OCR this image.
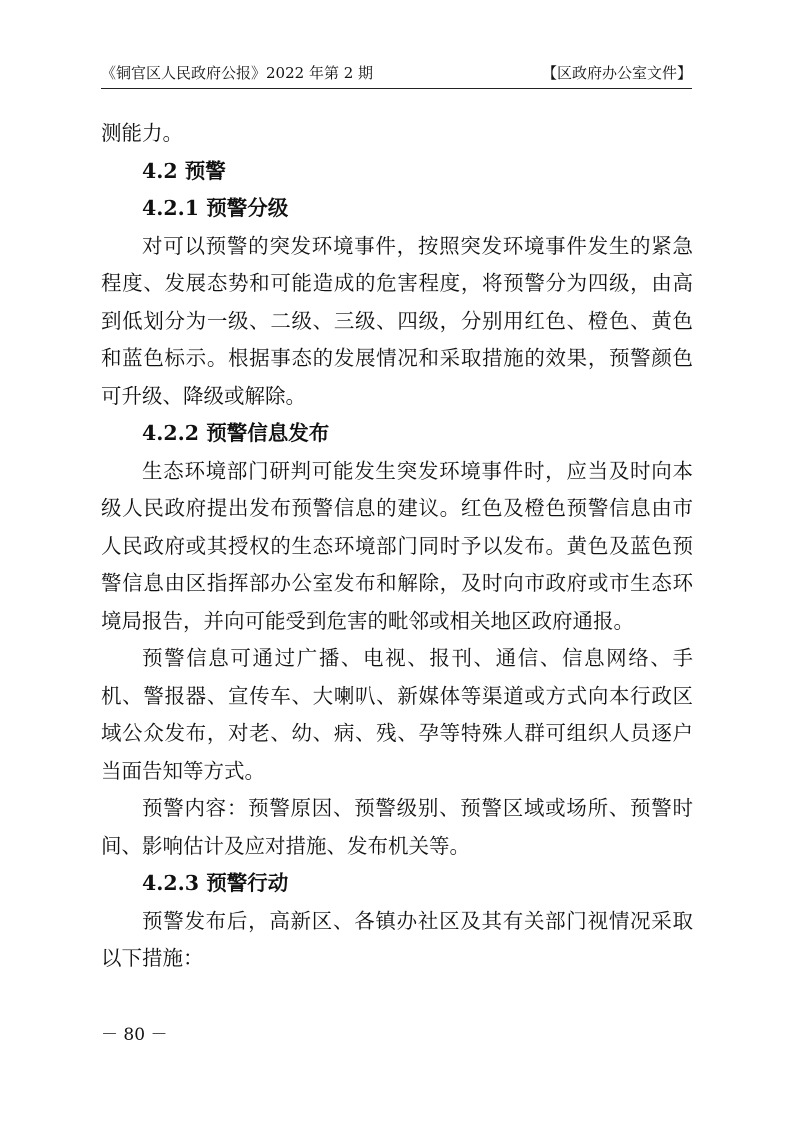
《铜官区人民政府公报》2022 年第 2 期	【区政府办公室文件】

测能力。

4.2 预警

4.2.1 预警分级

对可以预警的突发环境事件，按照突发环境事件发生的紧急程度、发展态势和可能造成的危害程度，将预警分为四级，由高到低划分为一级、二级、三级、四级，分别用红色、橙色、黄色和蓝色标示。根据事态的发展情况和采取措施的效果，预警颜色可升级、降级或解除。

4.2.2 预警信息发布

生态环境部门研判可能发生突发环境事件时，应当及时向本级人民政府提出发布预警信息的建议。红色及橙色预警信息由市人民政府或其授权的生态环境部门同时予以发布。黄色及蓝色预警信息由区指挥部办公室发布和解除，及时向市政府或市生态环境局报告，并向可能受到危害的毗邻或相关地区政府通报。

预警信息可通过广播、电视、报刊、通信、信息网络、手机、警报器、宣传车、大喇叭、新媒体等渠道或方式向本行政区域公众发布，对老、幼、病、残、孕等特殊人群可组织人员逐户当面告知等方式。

预警内容：预警原因、预警级别、预警区域或场所、预警时间、影响估计及应对措施、发布机关等。

4.2.3 预警行动

预警发布后，高新区、各镇办社区及其有关部门视情况采取以下措施：

－ 80 －
